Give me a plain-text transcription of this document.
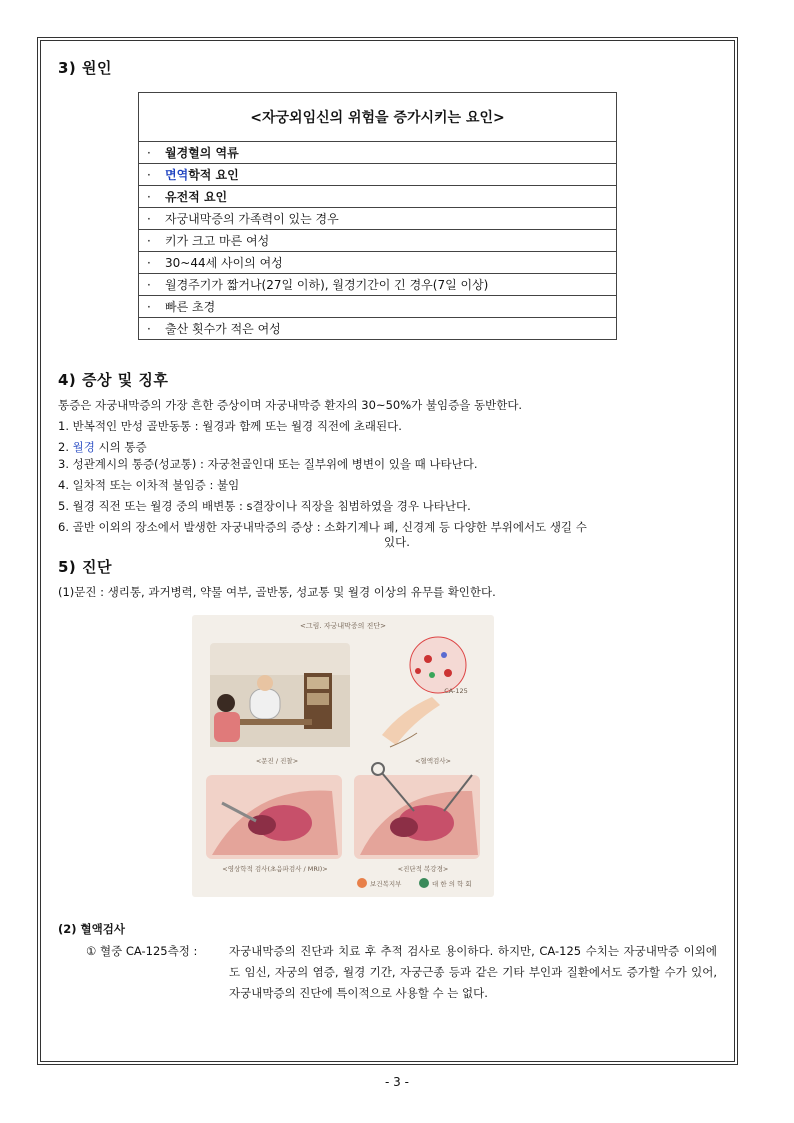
3) 원인
<자궁외임신의 위험을 증가시키는 요인>
· 월경혈의 역류
· 면역학적 요인
· 유전적 요인
· 자궁내막증의 가족력이 있는 경우
· 키가 크고 마른 여성
· 30~44세 사이의 여성
· 월경주기가 짧거나(27일 이하), 월경기간이 긴 경우(7일 이상)
· 빠른 초경
· 출산 횟수가 적은 여성
4) 증상 및 징후
통증은 자궁내막증의 가장 흔한 증상이며 자궁내막증 환자의 30~50%가 불임증을 동반한다.
1. 반복적인 만성 골반동통 : 월경과 함께 또는 월경 직전에 초래된다.
2. 월경 시의 통증
3. 성관계시의 통증(성교통) : 자궁천골인대 또는 질부위에 병변이 있을 때 나타난다.
4. 일차적 또는 이차적 불임증 : 불임
5. 월경 직전 또는 월경 중의 배변통 : s결장이나 직장을 침범하였을 경우 나타난다.
6. 골반 이외의 장소에서 발생한 자궁내막증의 증상 : 소화기계나 폐, 신경계 등 다양한 부위에서도 생길 수
있다.
5) 진단
(1)문진 : 생리통, 과거병력, 약물 여부, 골반통, 성교통 및 월경 이상의 유무를 확인한다.
<그림. 자궁내막증의 진단>
<문진 / 진찰>	<혈액검사>
<영상학적 검사(초음파검사 / MRI)>	<진단적 복강경>
CA-125
보건복지부	대 한 의 학 회
(2) 혈액검사
① 혈중 CA-125측정 :	자궁내막증의 진단과 치료 후 추적 검사로 용이하다. 하지만, CA-125 수치는 자궁내막증 이외에도 임신, 자궁의 염증, 월경 기간, 자궁근종 등과 같은 기타 부인과 질환에서도 증가할 수가 있어, 자궁내막증의 진단에 특이적으로 사용할 수 는 없다.
- 3 -
